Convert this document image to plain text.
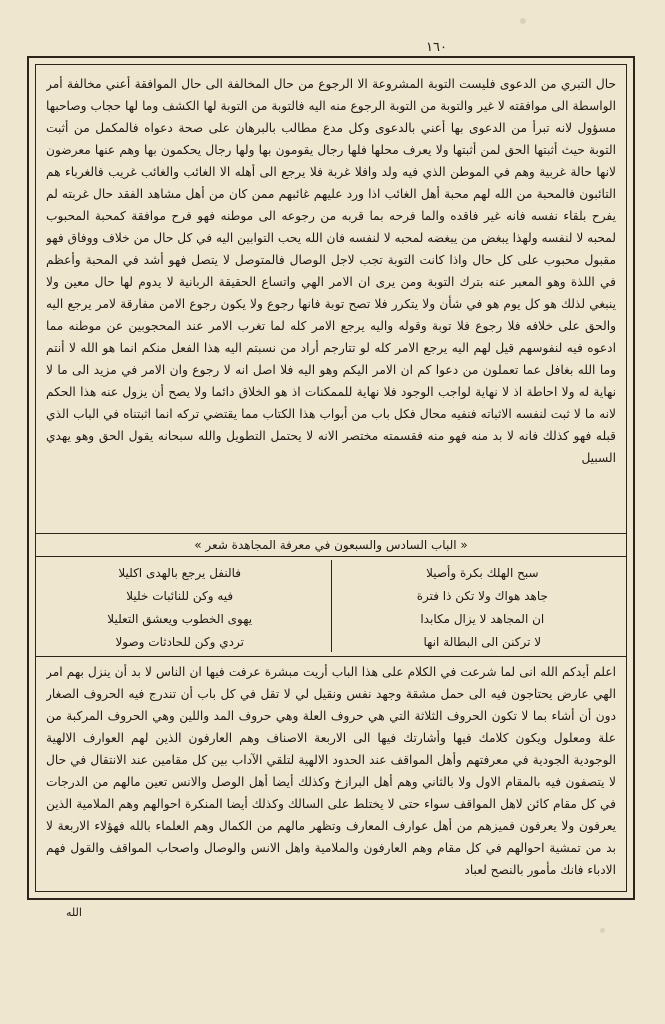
١٦٠
حال التبري من الدعوى فليست التوبة المشروعة الا الرجوع من حال المخالفة الى حال الموافقة أعني مخالفة أمر الواسطة الى موافقته لا غير والتوبة من التوبة الرجوع منه اليه فالتوبة من التوبة لها الكشف وما لها حجاب وصاحبها مسؤول لانه تبرأ من الدعوى بها أعني بالدعوى وكل مدع مطالب بالبرهان على صحة دعواه فالمكمل من أثبت التوبة حيث أثبتها الحق لمن أثبتها ولا يعرف محلها فلها رجال يقومون بها ولها رجال يحكمون بها وهم عنها معرضون لانها حالة غربية وهم في الموطن الذي فيه ولد وافلا غربة فلا يرجع الى أهله الا الغائب والغائب غريب فالغرباء هم التائبون فالمحبة من الله لهم محبة أهل الغائب اذا ورد عليهم غائبهم ممن كان من أهل مشاهد الفقد حال غربته لم يفرح بلقاء نفسه فانه غير فاقده والما فرحه بما قربه من رجوعه الى موطنه فهو فرح موافقة كمحبة المحبوب لمحبه لا لنفسه ولهذا يبغض من يبغضه لمحبه لا لنفسه فان الله يحب التوابين اليه في كل حال من خلاف ووفاق فهو مقبول محبوب على كل حال واذا كانت التوبة تجب لاجل الوصال فالمتوصل لا يتصل فهو أشد في المحبة وأعظم في اللذة وهو المعبر عنه بترك التوبة ومن يرى ان الامر الهي واتساع الحقيقة الربانية لا يدوم لها حال معين ولا ينبغي لذلك هو كل يوم هو في شأن ولا يتكرر فلا تصح توبة فانها رجوع ولا يكون رجوع الامن مفارقة لامر يرجع اليه والحق على خلافه فلا رجوع فلا توبة وقوله واليه يرجع الامر كله لما تغرب الامر عند المحجوبين عن موطنه مما ادعوه فيه لنفوسهم قيل لهم اليه يرجع الامر كله لو تتارجم أراد من نسبتم اليه هذا الفعل منكم انما هو الله لا أنتم وما الله بغافل عما تعملون من دعوا كم ان الامر اليكم وهو اليه فلا اصل انه لا رجوع وان الامر في مزيد الى ما لا نهاية له ولا احاطة اذ لا نهاية لواجب الوجود فلا نهاية للممكنات اذ هو الخلاق دائما ولا يصح أن يزول عنه هذا الحكم لانه ما لا ثبت لنفسه الاثباته فنفيه محال فكل باب من أبواب هذا الكتاب مما يقتضي تركه انما اثبتناه في الباب الذي قبله فهو كذلك فانه لا بد منه فهو منه فقسمته مختصر الانه لا يحتمل التطويل والله سبحانه يقول الحق وهو يهدي السبيل
« الباب السادس والسبعون في معرفة المجاهدة شعر »
سبح الهلك بكرة وأصيلا
جاهد هواك ولا تكن ذا فترة
ان المجاهد لا يزال مكابدا
لا تركنن الى البطالة انها
فالنفل يرجع بالهدى اكليلا
فيه وكن للنائبات خليلا
يهوى الخطوب ويعشق التعليلا
تردي وكن للحادثات وصولا
اعلم أيدكم الله انى لما شرعت في الكلام على هذا الباب أريت مبشرة عرفت فيها ان الناس لا بد أن ينزل بهم امر الهي عارض يحتاجون فيه الى حمل مشقة وجهد نفس ونقيل لي لا تقل في كل باب أن تندرج فيه الحروف الصغار دون أن أشاء بما لا تكون الحروف الثلاثة التي هي حروف العلة وهي حروف المد واللين وهي الحروف المركبة من علة ومعلول ويكون كلامك فيها وأشارتك فيها الى الاربعة الاصناف وهم العارفون الذين لهم العوارف الالهية الوجودية الجودية في معرفتهم وأهل المواقف عند الحدود الالهية لتلقي الآداب بين كل مقامين عند الانتقال في حال لا يتصفون فيه بالمقام الاول ولا بالثاني وهم أهل البرازخ وكذلك أيضا أهل الوصل والانس تعين مالهم من الدرجات في كل مقام كائن لاهل المواقف سواء حتى لا يختلط على السالك وكذلك أيضا المنكرة احوالهم وهم الملامية الذين يعرفون ولا يعرفون فميزهم من أهل عوارف المعارف وتظهر مالهم من الكمال وهم العلماء بالله فهؤلاء الاربعة لا بد من تمشية احوالهم في كل مقام وهم العارفون والملامية واهل الانس والوصال واصحاب المواقف والقول فهم الادباء فانك مأمور بالنصح لعباد
الله
